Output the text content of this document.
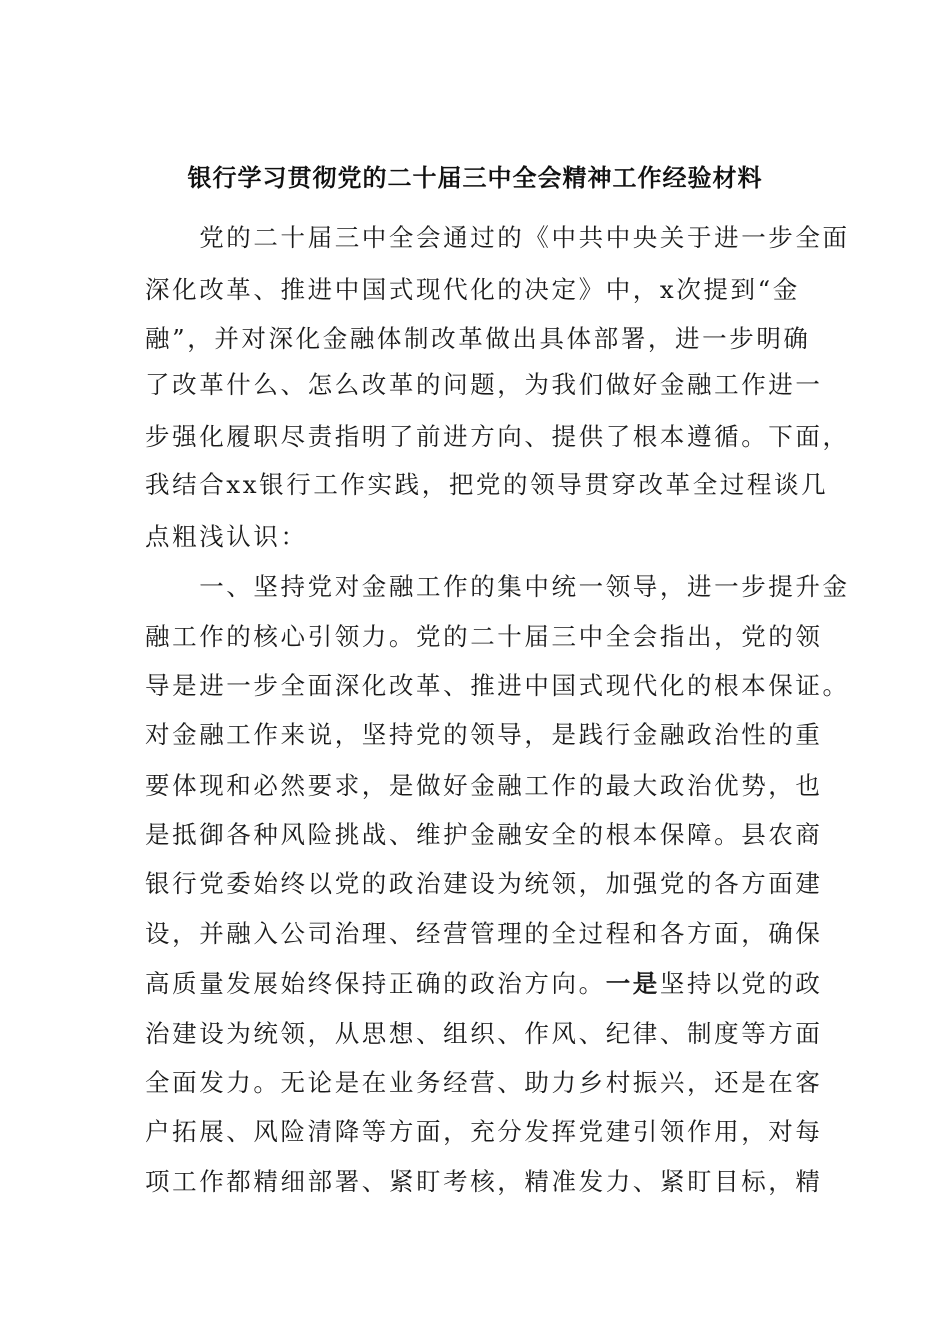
银行学习贯彻党的二十届三中全会精神工作经验材料
　　党的二十届三中全会通过的《中共中央关于进一步全面
深化改革、推进中国式现代化的决定》中，x次提到“金
融”，并对深化金融体制改革做出具体部署，进一步明确
了改革什么、怎么改革的问题，为我们做好金融工作进一
步强化履职尽责指明了前进方向、提供了根本遵循。下面，
我结合xx银行工作实践，把党的领导贯穿改革全过程谈几
点粗浅认识：
　　一、坚持党对金融工作的集中统一领导，进一步提升金
融工作的核心引领力。党的二十届三中全会指出，党的领
导是进一步全面深化改革、推进中国式现代化的根本保证。
对金融工作来说，坚持党的领导，是践行金融政治性的重
要体现和必然要求，是做好金融工作的最大政治优势，也
是抵御各种风险挑战、维护金融安全的根本保障。县农商
银行党委始终以党的政治建设为统领，加强党的各方面建
设，并融入公司治理、经营管理的全过程和各方面，确保
高质量发展始终保持正确的政治方向。一是坚持以党的政
治建设为统领，从思想、组织、作风、纪律、制度等方面
全面发力。无论是在业务经营、助力乡村振兴，还是在客
户拓展、风险清降等方面，充分发挥党建引领作用，对每
项工作都精细部署、紧盯考核，精准发力、紧盯目标，精
